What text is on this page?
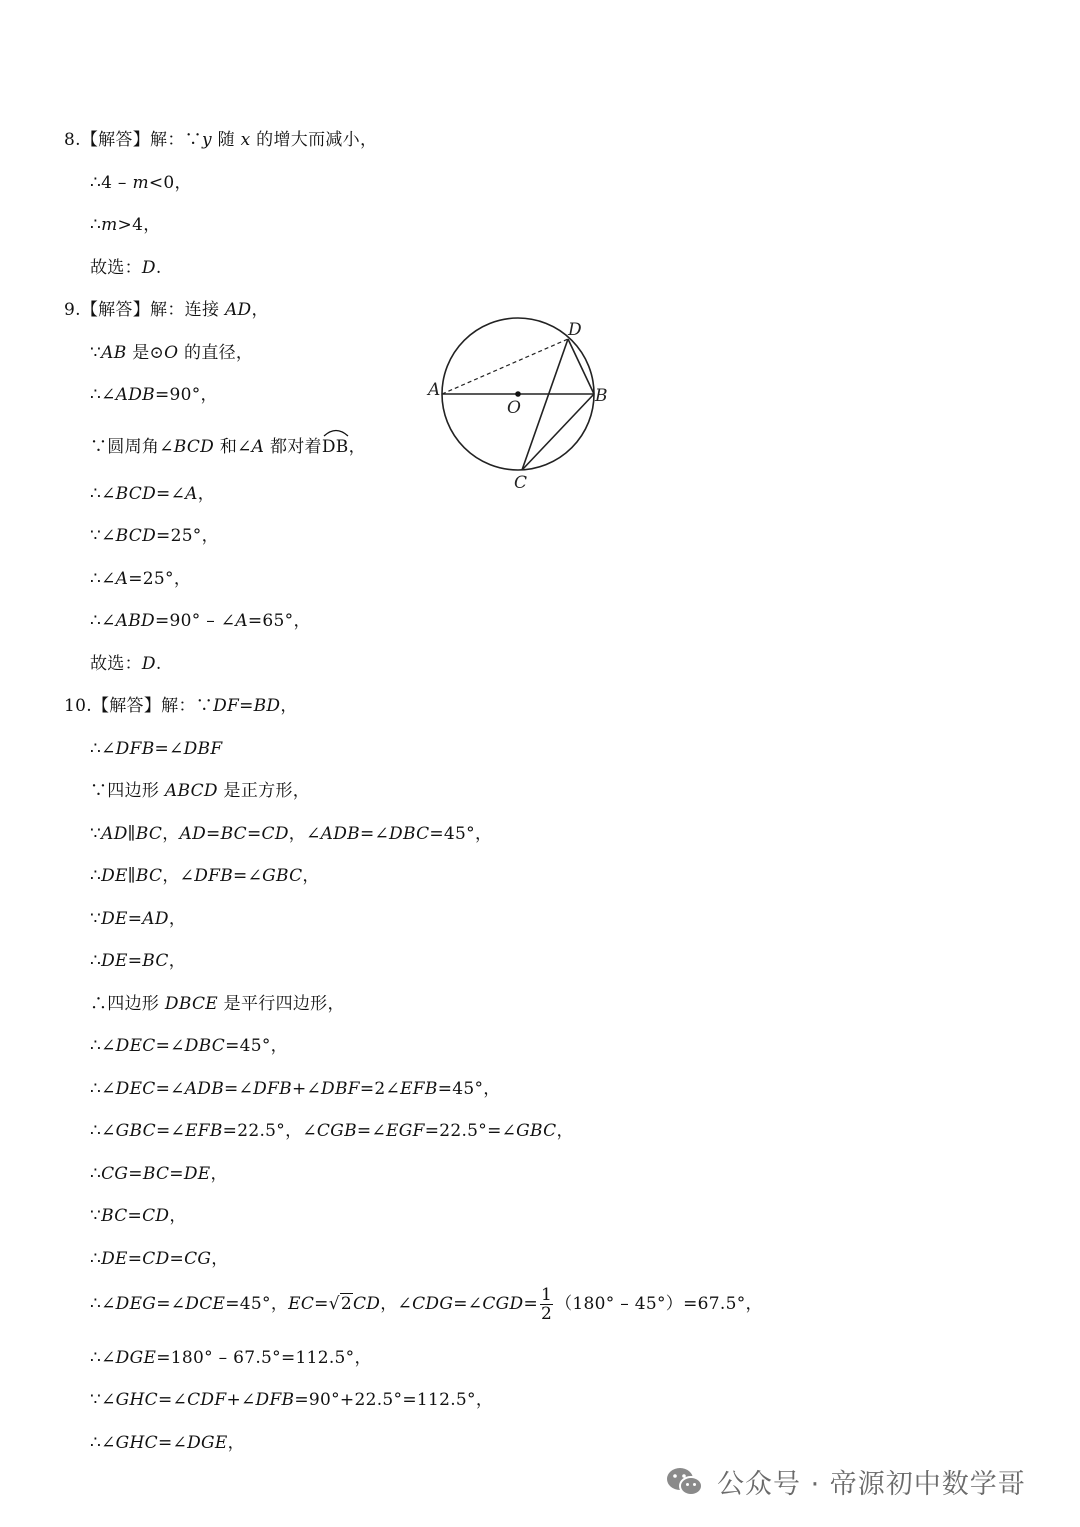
8.【解答】解：∵y 随 x 的增大而减小，
∴4 – m<0，
∴m>4，
故选：D.
9.【解答】解：连接 AD，
∵AB 是⊙O 的直径，
∴∠ADB=90°，
∵圆周角∠BCD 和∠A 都对着
DB，
∴∠BCD=∠A，
∵∠BCD=25°，
∴∠A=25°，
∴∠ABD=90° – ∠A=65°，
故选：D.
A	B
C
D
O
10.【解答】解：∵DF=BD，
∴∠DFB=∠DBF
∵四边形 ABCD 是正方形，
∵AD∥BC，AD=BC=CD，∠ADB=∠DBC=45°，
∴DE∥BC，∠DFB=∠GBC，
∵DE=AD，
∴DE=BC，
∴四边形 DBCE 是平行四边形，
∴∠DEC=∠DBC=45°，
∴∠DEC=∠ADB=∠DFB+∠DBF=2∠EFB=45°，
∴∠GBC=∠EFB=22.5°，∠CGB=∠EGF=22.5°=∠GBC，
∴CG=BC=DE，
∵BC=CD，
∴DE=CD=CG，
∴∠DEG=∠DCE=45°，EC=√2CD，∠CDG=∠CGD= $\frac{1}{2} (180^\circ - 45^\circ)=67.5^\circ$，
∴∠DGE=180° – 67.5°=112.5°，
∵∠GHC=∠CDF+∠DFB=90°+22.5°=112.5°，
∴∠GHC=∠DGE，
公众号 · 帝源初中数学哥
